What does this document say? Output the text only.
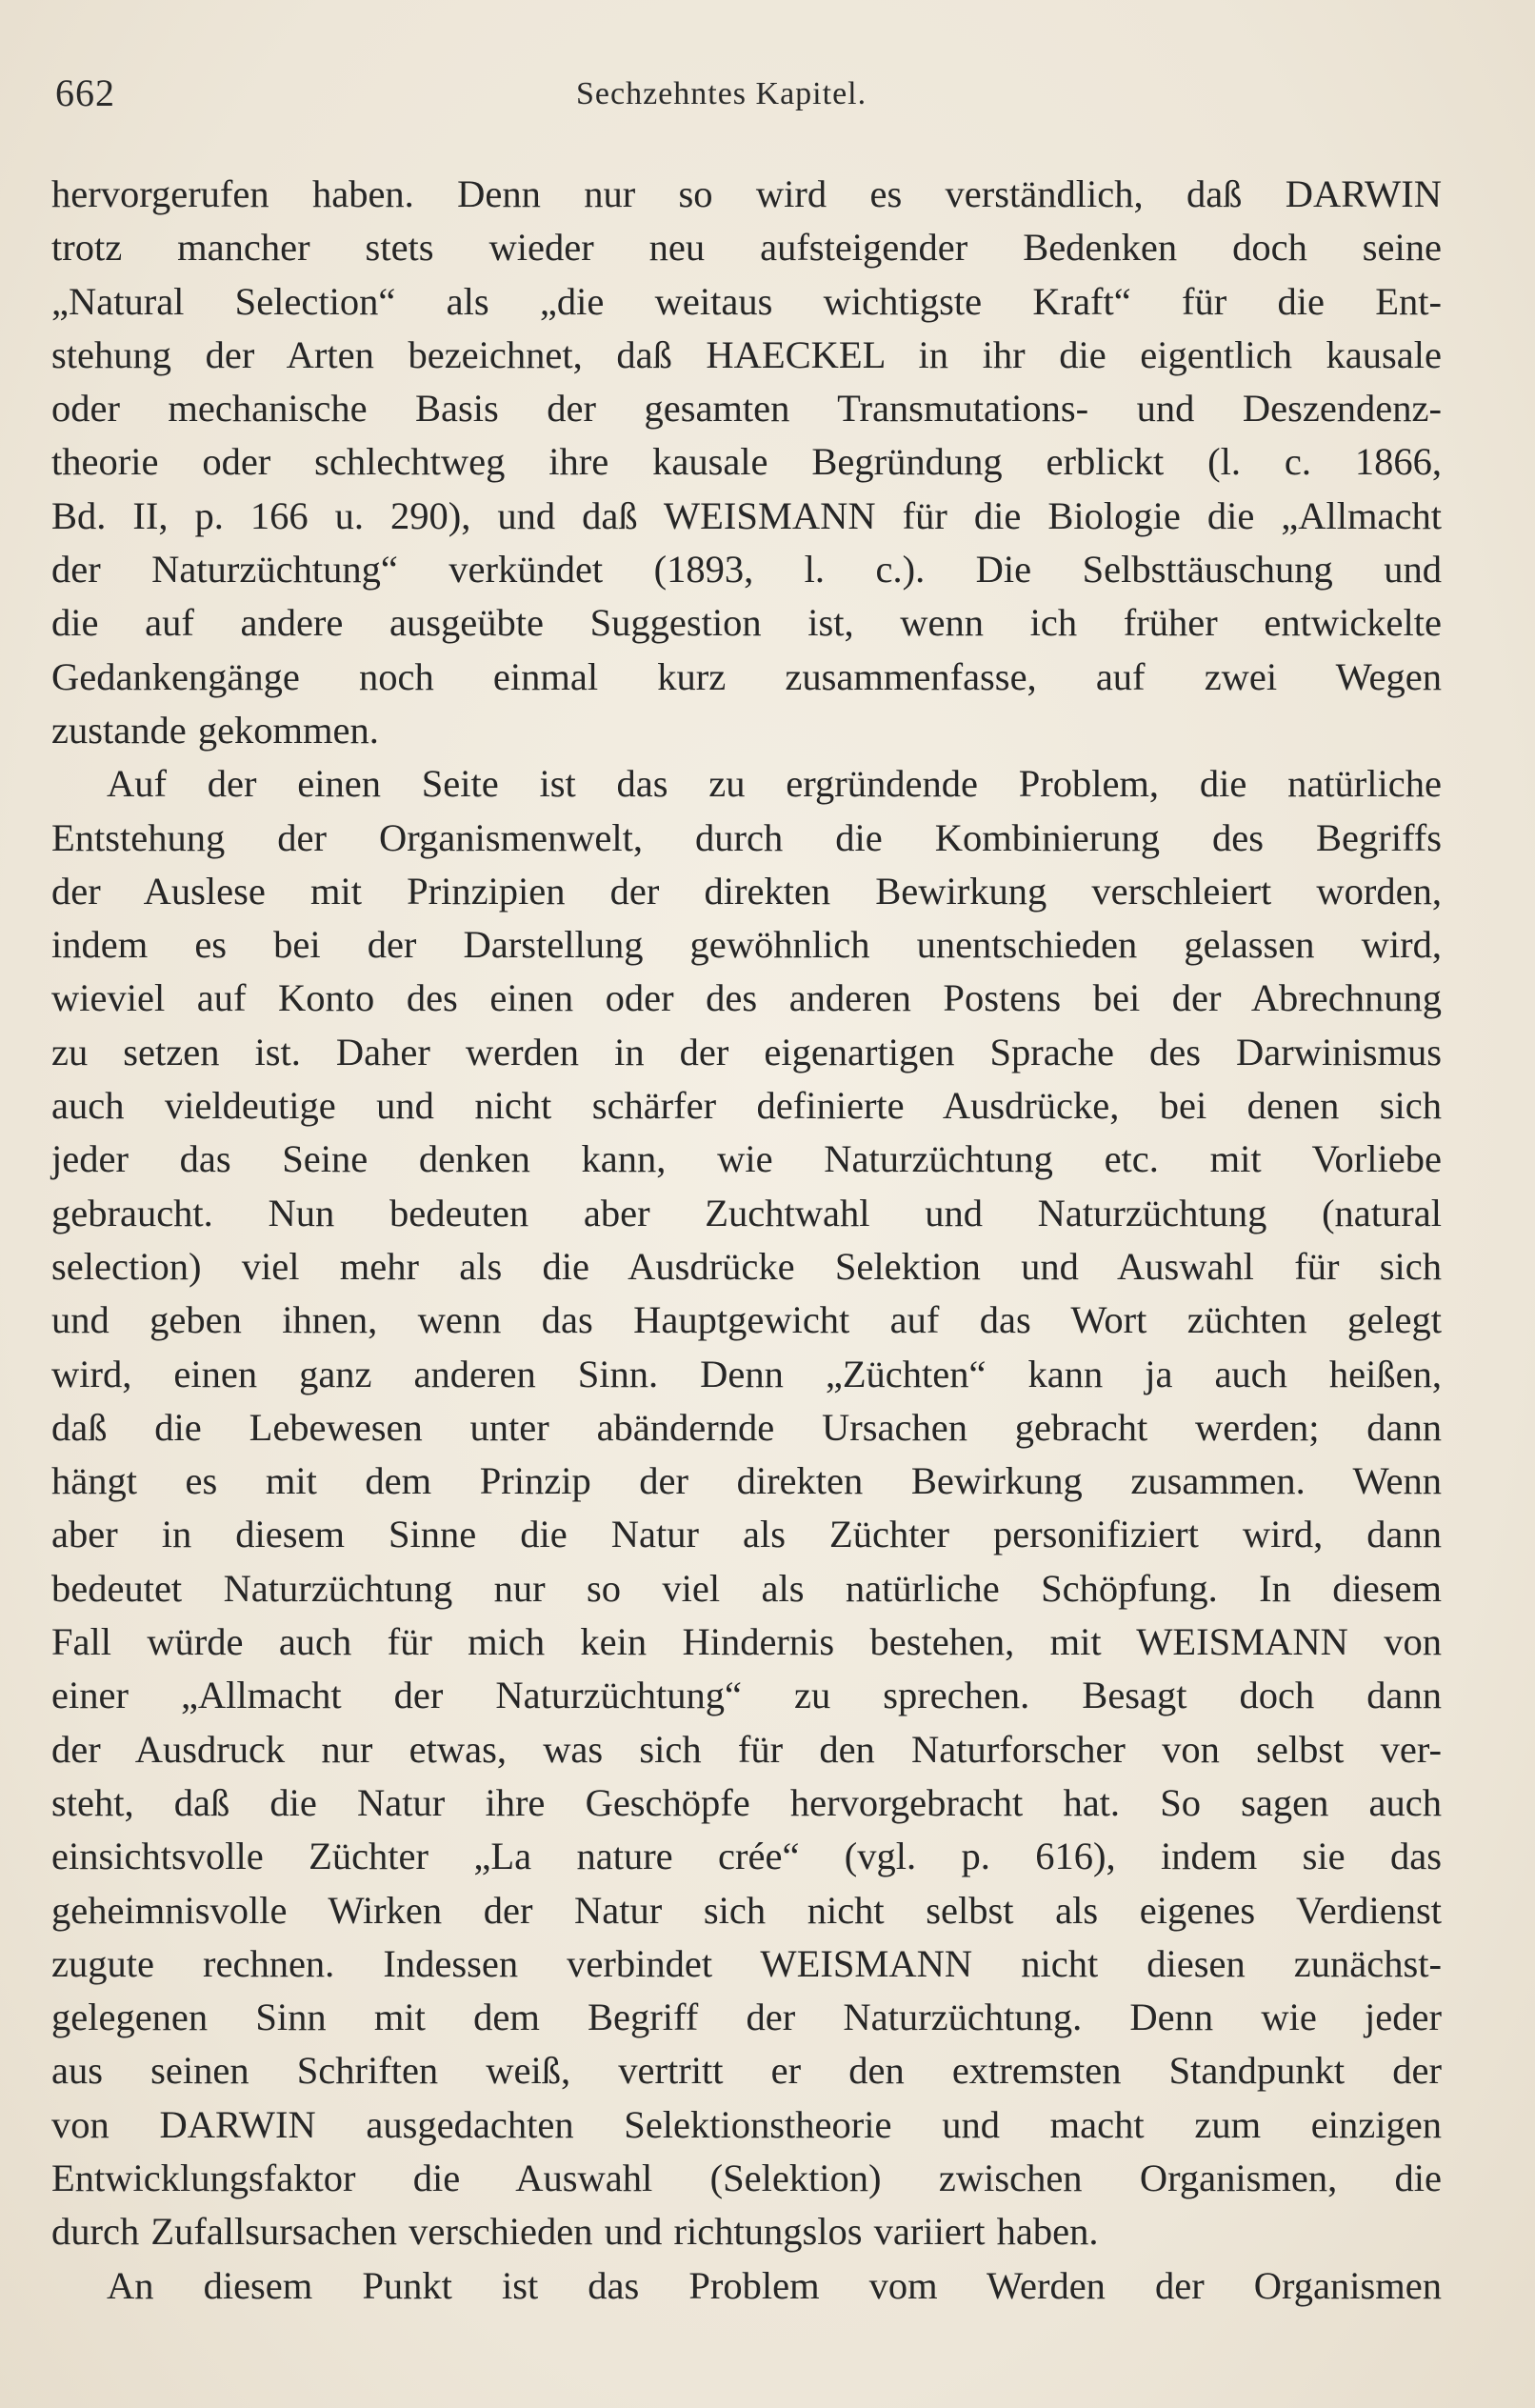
662	Sechzehntes Kapitel.
hervorgerufen haben. Denn nur so wird es verständlich, daß DARWIN
trotz mancher stets wieder neu aufsteigender Bedenken doch seine
„Natural Selection“ als „die weitaus wichtigste Kraft“ für die Ent-
stehung der Arten bezeichnet, daß HAECKEL in ihr die eigentlich kausale
oder mechanische Basis der gesamten Transmutations- und Deszendenz-
theorie oder schlechtweg ihre kausale Begründung erblickt (l. c. 1866,
Bd. II, p. 166 u. 290), und daß WEISMANN für die Biologie die „Allmacht
der Naturzüchtung“ verkündet (1893, l. c.). Die Selbsttäuschung und
die auf andere ausgeübte Suggestion ist, wenn ich früher entwickelte
Gedankengänge noch einmal kurz zusammenfasse, auf zwei Wegen
zustande gekommen.
Auf der einen Seite ist das zu ergründende Problem, die natürliche
Entstehung der Organismenwelt, durch die Kombinierung des Begriffs
der Auslese mit Prinzipien der direkten Bewirkung verschleiert worden,
indem es bei der Darstellung gewöhnlich unentschieden gelassen wird,
wieviel auf Konto des einen oder des anderen Postens bei der Abrechnung
zu setzen ist. Daher werden in der eigenartigen Sprache des Darwinismus
auch vieldeutige und nicht schärfer definierte Ausdrücke, bei denen sich
jeder das Seine denken kann, wie Naturzüchtung etc. mit Vorliebe
gebraucht. Nun bedeuten aber Zuchtwahl und Naturzüchtung (natural
selection) viel mehr als die Ausdrücke Selektion und Auswahl für sich
und geben ihnen, wenn das Hauptgewicht auf das Wort züchten gelegt
wird, einen ganz anderen Sinn. Denn „Züchten“ kann ja auch heißen,
daß die Lebewesen unter abändernde Ursachen gebracht werden; dann
hängt es mit dem Prinzip der direkten Bewirkung zusammen. Wenn
aber in diesem Sinne die Natur als Züchter personifiziert wird, dann
bedeutet Naturzüchtung nur so viel als natürliche Schöpfung. In diesem
Fall würde auch für mich kein Hindernis bestehen, mit WEISMANN von
einer „Allmacht der Naturzüchtung“ zu sprechen. Besagt doch dann
der Ausdruck nur etwas, was sich für den Naturforscher von selbst ver-
steht, daß die Natur ihre Geschöpfe hervorgebracht hat. So sagen auch
einsichtsvolle Züchter „La nature crée“ (vgl. p. 616), indem sie das
geheimnisvolle Wirken der Natur sich nicht selbst als eigenes Verdienst
zugute rechnen. Indessen verbindet WEISMANN nicht diesen zunächst-
gelegenen Sinn mit dem Begriff der Naturzüchtung. Denn wie jeder
aus seinen Schriften weiß, vertritt er den extremsten Standpunkt der
von DARWIN ausgedachten Selektionstheorie und macht zum einzigen
Entwicklungsfaktor die Auswahl (Selektion) zwischen Organismen, die
durch Zufallsursachen verschieden und richtungslos variiert haben.
An diesem Punkt ist das Problem vom Werden der Organismen
